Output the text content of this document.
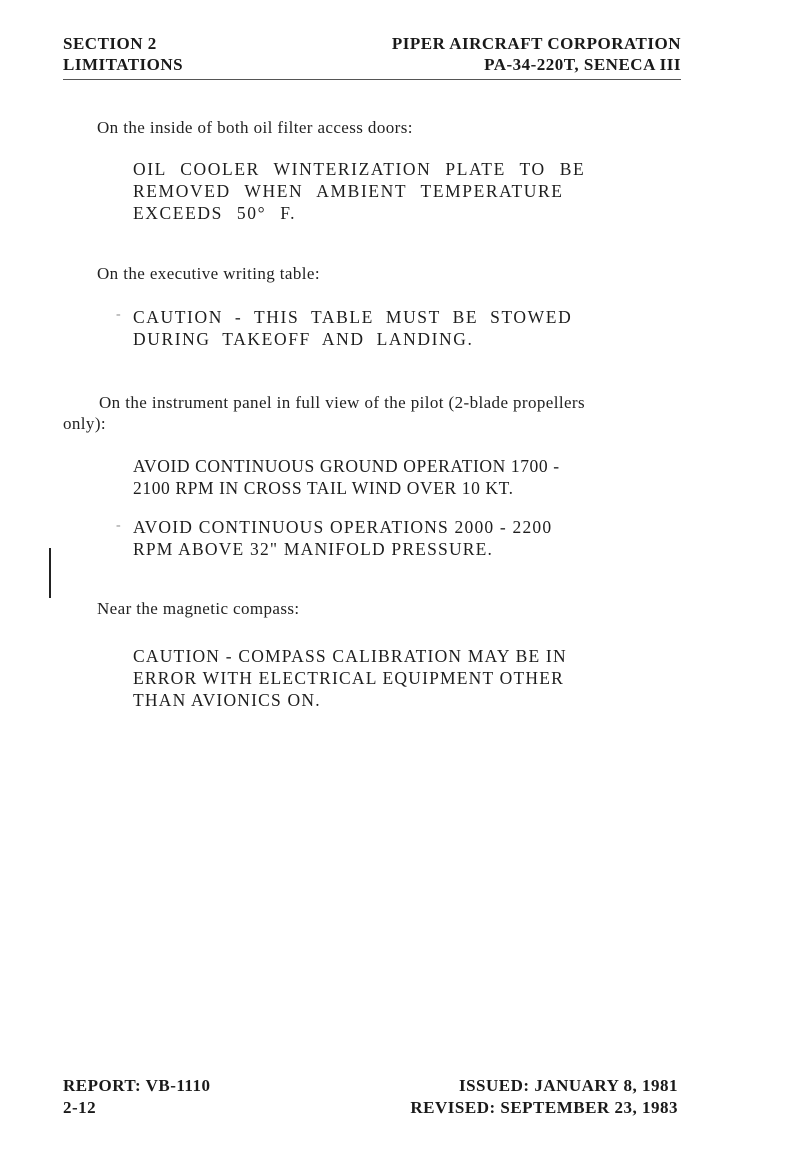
SECTION 2
LIMITATIONS
PIPER AIRCRAFT CORPORATION
PA-34-220T, SENECA III
On the inside of both oil filter access doors:
OIL COOLER WINTERIZATION PLATE TO BE
REMOVED WHEN AMBIENT TEMPERATURE
EXCEEDS 50° F.
On the executive writing table:
- CAUTION - THIS TABLE MUST BE STOWED
DURING TAKEOFF AND LANDING.
On the instrument panel in full view of the pilot (2-blade propellers
only):
AVOID CONTINUOUS GROUND OPERATION 1700 -
2100 RPM IN CROSS TAIL WIND OVER 10 KT.
- AVOID CONTINUOUS OPERATIONS 2000 - 2200
RPM ABOVE 32" MANIFOLD PRESSURE.
Near the magnetic compass:
CAUTION - COMPASS CALIBRATION MAY BE IN
ERROR WITH ELECTRICAL EQUIPMENT OTHER
THAN AVIONICS ON.
REPORT: VB-1110
2-12
ISSUED: JANUARY 8, 1981
REVISED: SEPTEMBER 23, 1983
